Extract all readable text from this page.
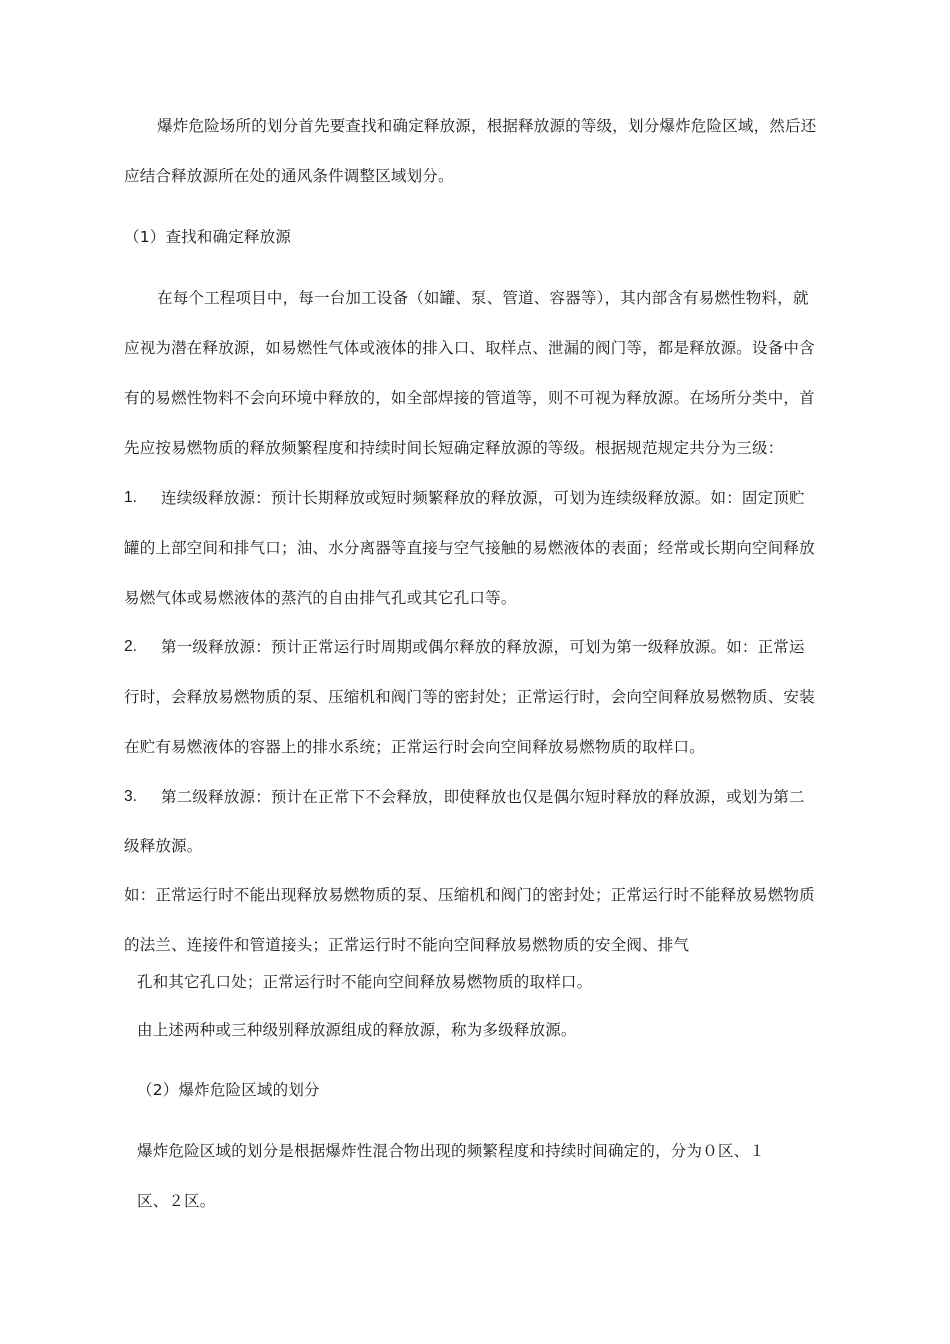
爆炸危险场所的划分首先要查找和确定释放源，根据释放源的等级，划分爆炸危险区域，然后还
应结合释放源所在处的通风条件调整区域划分。
（1）查找和确定释放源
在每个工程项目中，每一台加工设备（如罐、泵、管道、容器等），其内部含有易燃性物料，就
应视为潜在释放源，如易燃性气体或液体的排入口、取样点、泄漏的阀门等，都是释放源。设备中含
有的易燃性物料不会向环境中释放的，如全部焊接的管道等，则不可视为释放源。在场所分类中，首
先应按易燃物质的释放频繁程度和持续时间长短确定释放源的等级。根据规范规定共分为三级：
1. 连续级释放源：预计长期释放或短时频繁释放的释放源，可划为连续级释放源。如：固定顶贮
罐的上部空间和排气口；油、水分离器等直接与空气接触的易燃液体的表面；经常或长期向空间释放
易燃气体或易燃液体的蒸汽的自由排气孔或其它孔口等。
2. 第一级释放源：预计正常运行时周期或偶尔释放的释放源，可划为第一级释放源。如：正常运
行时，会释放易燃物质的泵、压缩机和阀门等的密封处；正常运行时，会向空间释放易燃物质、安装
在贮有易燃液体的容器上的排水系统；正常运行时会向空间释放易燃物质的取样口。
3. 第二级释放源：预计在正常下不会释放，即使释放也仅是偶尔短时释放的释放源，或划为第二
级释放源。
如：正常运行时不能出现释放易燃物质的泵、压缩机和阀门的密封处；正常运行时不能释放易燃物质
的法兰、连接件和管道接头；正常运行时不能向空间释放易燃物质的安全阀、排气
孔和其它孔口处；正常运行时不能向空间释放易燃物质的取样口。
由上述两种或三种级别释放源组成的释放源，称为多级释放源。
（2）爆炸危险区域的划分
爆炸危险区域的划分是根据爆炸性混合物出现的频繁程度和持续时间确定的，分为０区、１
区、２区。
